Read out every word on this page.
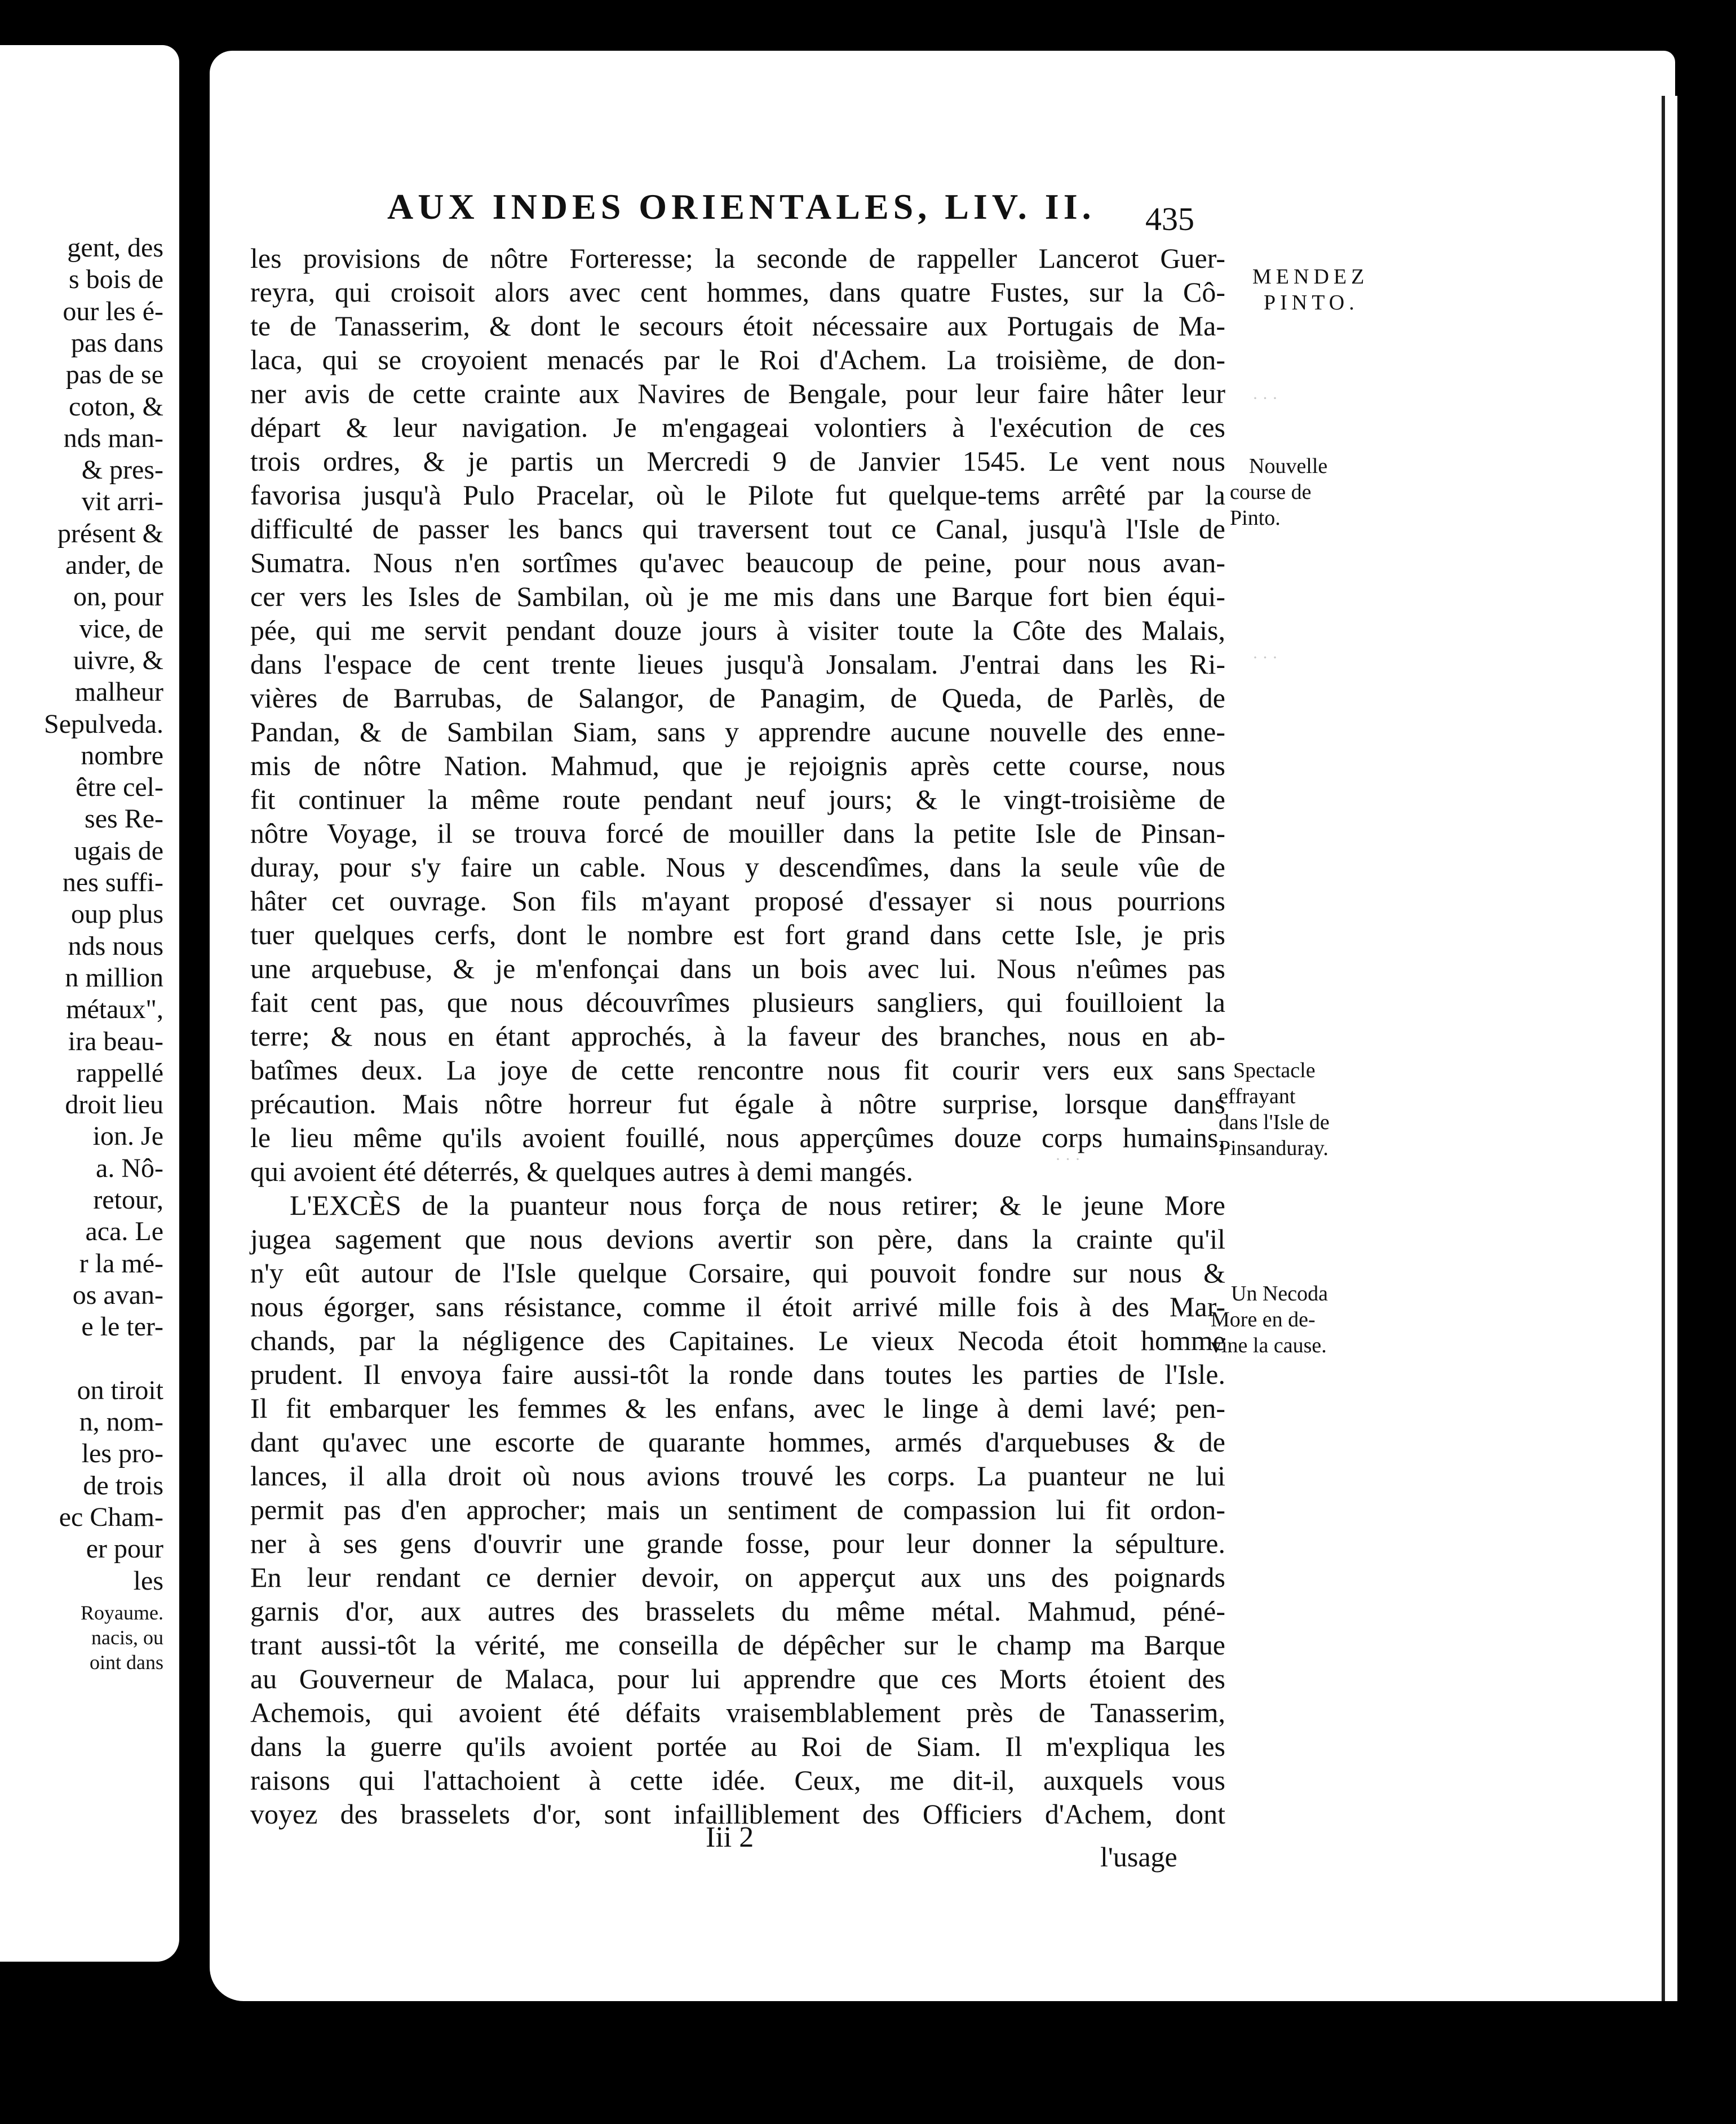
gent, des
s bois de
our les é-
pas dans
pas de se
coton, &
nds man-
& pres-
vit arri-
présent &
ander, de
on, pour
vice, de
uivre, &
malheur
Sepulveda.
nombre
être cel-
ses Re-
ugais de
nes suffi-
oup plus
nds nous
n million
métaux",
ira beau-
rappellé
droit lieu
ion. Je
a. Nô-
retour,
aca. Le
r la mé-
os avan-
e le ter-
on tiroit
n, nom-
les pro-
de trois
ec Cham-
er pour
les
Royaume.
nacis, ou
oint dans
AUX INDES ORIENTALES, LIV. II. 435
les provisions de nôtre Forteresse; la seconde de rappeller Lancerot Guer-
reyra, qui croisoit alors avec cent hommes, dans quatre Fustes, sur la Cô-
te de Tanasserim, & dont le secours étoit nécessaire aux Portugais de Ma-
laca, qui se croyoient menacés par le Roi d'Achem. La troisième, de don-
ner avis de cette crainte aux Navires de Bengale, pour leur faire hâter leur
départ & leur navigation. Je m'engageai volontiers à l'exécution de ces
trois ordres, & je partis un Mercredi 9 de Janvier 1545. Le vent nous
favorisa jusqu'à Pulo Pracelar, où le Pilote fut quelque-tems arrêté par la
difficulté de passer les bancs qui traversent tout ce Canal, jusqu'à l'Isle de
Sumatra. Nous n'en sortîmes qu'avec beaucoup de peine, pour nous avan-
cer vers les Isles de Sambilan, où je me mis dans une Barque fort bien équi-
pée, qui me servit pendant douze jours à visiter toute la Côte des Malais,
dans l'espace de cent trente lieues jusqu'à Jonsalam. J'entrai dans les Ri-
vières de Barrubas, de Salangor, de Panagim, de Queda, de Parlès, de
Pandan, & de Sambilan Siam, sans y apprendre aucune nouvelle des enne-
mis de nôtre Nation. Mahmud, que je rejoignis après cette course, nous
fit continuer la même route pendant neuf jours; & le vingt-troisième de
nôtre Voyage, il se trouva forcé de mouiller dans la petite Isle de Pinsan-
duray, pour s'y faire un cable. Nous y descendîmes, dans la seule vûe de
hâter cet ouvrage. Son fils m'ayant proposé d'essayer si nous pourrions
tuer quelques cerfs, dont le nombre est fort grand dans cette Isle, je pris
une arquebuse, & je m'enfonçai dans un bois avec lui. Nous n'eûmes pas
fait cent pas, que nous découvrîmes plusieurs sangliers, qui fouilloient la
terre; & nous en étant approchés, à la faveur des branches, nous en ab-
batîmes deux. La joye de cette rencontre nous fit courir vers eux sans
précaution. Mais nôtre horreur fut égale à nôtre surprise, lorsque dans
le lieu même qu'ils avoient fouillé, nous apperçûmes douze corps humains,
qui avoient été déterrés, & quelques autres à demi mangés.
L'EXCÈS de la puanteur nous força de nous retirer; & le jeune More
jugea sagement que nous devions avertir son père, dans la crainte qu'il
n'y eût autour de l'Isle quelque Corsaire, qui pouvoit fondre sur nous &
nous égorger, sans résistance, comme il étoit arrivé mille fois à des Mar-
chands, par la négligence des Capitaines. Le vieux Necoda étoit homme
prudent. Il envoya faire aussi-tôt la ronde dans toutes les parties de l'Isle.
Il fit embarquer les femmes & les enfans, avec le linge à demi lavé; pen-
dant qu'avec une escorte de quarante hommes, armés d'arquebuses & de
lances, il alla droit où nous avions trouvé les corps. La puanteur ne lui
permit pas d'en approcher; mais un sentiment de compassion lui fit ordon-
ner à ses gens d'ouvrir une grande fosse, pour leur donner la sépulture.
En leur rendant ce dernier devoir, on apperçut aux uns des poignards
garnis d'or, aux autres des brasselets du même métal. Mahmud, péné-
trant aussi-tôt la vérité, me conseilla de dépêcher sur le champ ma Barque
au Gouverneur de Malaca, pour lui apprendre que ces Morts étoient des
Achemois, qui avoient été défaits vraisemblablement près de Tanasserim,
dans la guerre qu'ils avoient portée au Roi de Siam. Il m'expliqua les
raisons qui l'attachoient à cette idée. Ceux, me dit-il, auxquels vous
voyez des brasselets d'or, sont infailliblement des Officiers d'Achem, dont
Iii 2
l'usage
MENDEZ
PINTO.
Nouvelle
course de
Pinto.
Spectacle
effrayant
dans l'Isle de
Pinsanduray.
Un Necoda
More en de-
vine la cause.
· · ·
· · ·
· · ·
